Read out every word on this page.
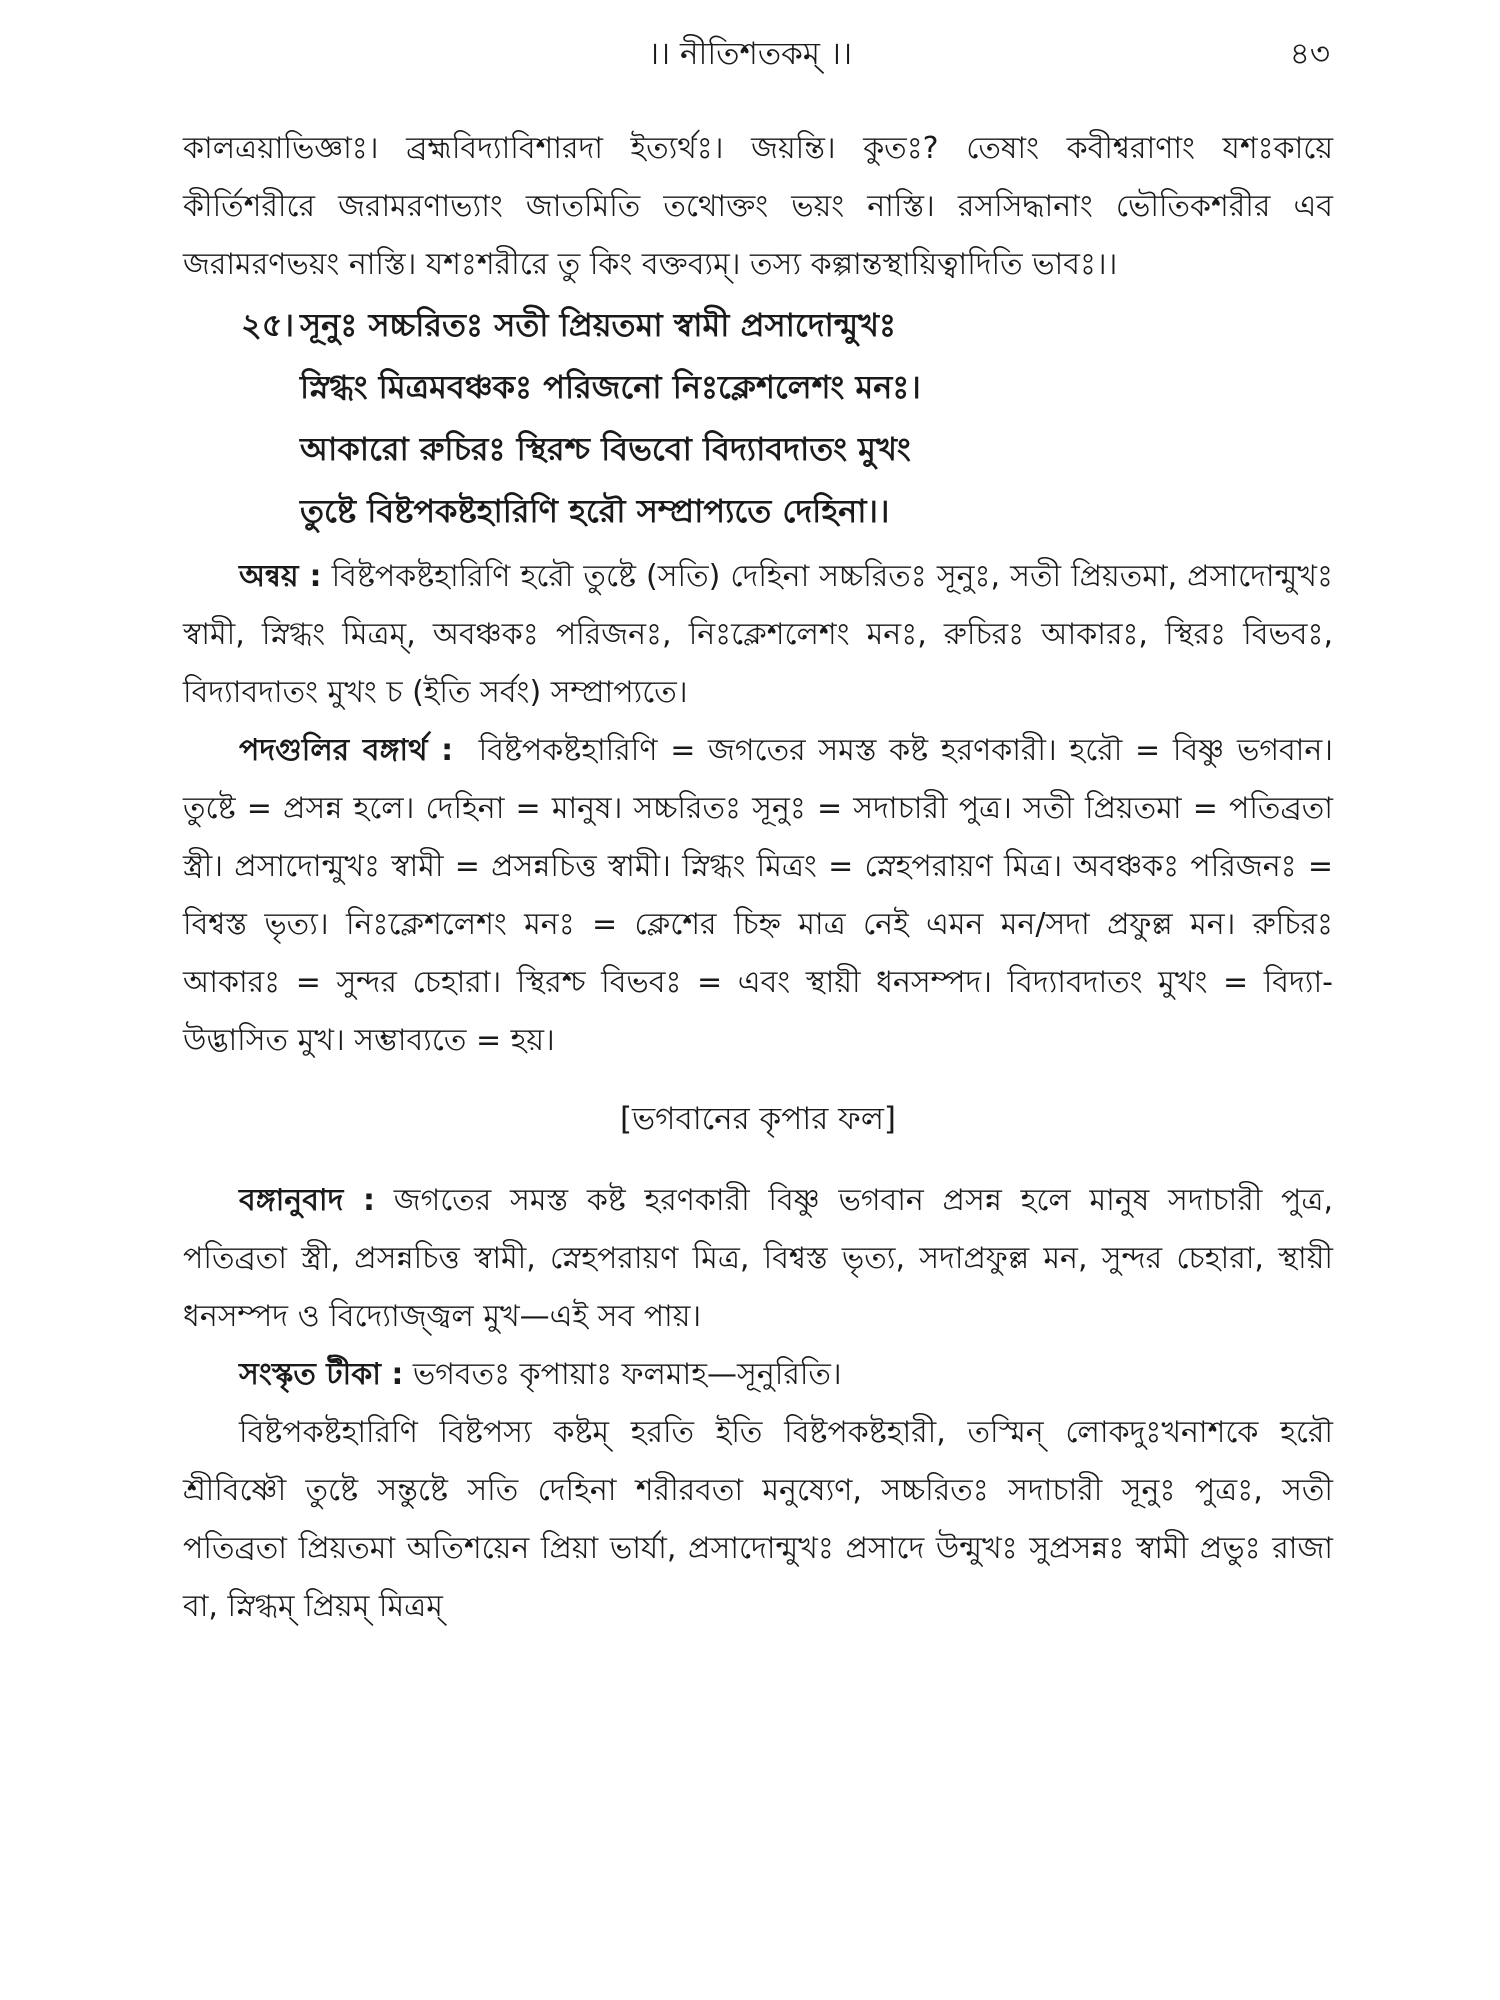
।। নীতিশতকম্ ।।	৪৩

কালত্রয়াভিজ্ঞাঃ। ব্রহ্মবিদ্যাবিশারদা ইত্যর্থঃ। জয়ন্তি। কুতঃ? তেষাং কবীশ্বরাণাং যশঃকায়ে কীর্তিশরীরে জরামরণাভ্যাং জাতমিতি তথোক্তং ভয়ং নাস্তি। রসসিদ্ধানাং ভৌতিকশরীর এব জরামরণভয়ং নাস্তি। যশঃশরীরে তু কিং বক্তব্যম্। তস্য কল্পান্তস্থায়িত্বাদিতি ভাবঃ।।

২৫। সূনুঃ সচ্চরিতঃ সতী প্রিয়তমা স্বামী প্রসাদোন্মুখঃ
স্নিগ্ধং মিত্রমবঞ্চকঃ পরিজনো নিঃক্লেশলেশং মনঃ।
আকারো রুচিরঃ স্থিরশ্চ বিভবো বিদ্যাবদাতং মুখং
তুষ্টে বিষ্টপকষ্টহারিণি হরৌ সম্প্রাপ্যতে দেহিনা।।

অন্বয় : বিষ্টপকষ্টহারিণি হরৌ তুষ্টে (সতি) দেহিনা সচ্চরিতঃ সূনুঃ, সতী প্রিয়তমা, প্রসাদোন্মুখঃ স্বামী, স্নিগ্ধং মিত্রম্, অবঞ্চকঃ পরিজনঃ, নিঃক্লেশলেশং মনঃ, রুচিরঃ আকারঃ, স্থিরঃ বিভবঃ, বিদ্যাবদাতং মুখং চ (ইতি সর্বং) সম্প্রাপ্যতে।

পদগুলির বঙ্গার্থ : বিষ্টপকষ্টহারিণি = জগতের সমস্ত কষ্ট হরণকারী। হরৌ = বিষ্ণু ভগবান। তুষ্টে = প্রসন্ন হলে। দেহিনা = মানুষ। সচ্চরিতঃ সূনুঃ = সদাচারী পুত্র। সতী প্রিয়তমা = পতিব্রতা স্ত্রী। প্রসাদোন্মুখঃ স্বামী = প্রসন্নচিত্ত স্বামী। স্নিগ্ধং মিত্রং = স্নেহপরায়ণ মিত্র। অবঞ্চকঃ পরিজনঃ = বিশ্বস্ত ভৃত্য। নিঃক্লেশলেশং মনঃ = ক্লেশের চিহ্ন মাত্র নেই এমন মন/সদা প্রফুল্ল মন। রুচিরঃ আকারঃ = সুন্দর চেহারা। স্থিরশ্চ বিভবঃ = এবং স্থায়ী ধনসম্পদ। বিদ্যাবদাতং মুখং = বিদ্যা-উদ্ভাসিত মুখ। সম্ভাব্যতে = হয়।

[ভগবানের কৃপার ফল]

বঙ্গানুবাদ : জগতের সমস্ত কষ্ট হরণকারী বিষ্ণু ভগবান প্রসন্ন হলে মানুষ সদাচারী পুত্র, পতিব্রতা স্ত্রী, প্রসন্নচিত্ত স্বামী, স্নেহপরায়ণ মিত্র, বিশ্বস্ত ভৃত্য, সদাপ্রফুল্ল মন, সুন্দর চেহারা, স্থায়ী ধনসম্পদ ও বিদ্যোজ্জ্বল মুখ—এই সব পায়।

সংস্কৃত টীকা : ভগবতঃ কৃপায়াঃ ফলমাহ—সূনুরিতি।

বিষ্টপকষ্টহারিণি বিষ্টপস্য কষ্টম্ হরতি ইতি বিষ্টপকষ্টহারী, তস্মিন্ লোকদুঃখনাশকে হরৌ শ্রীবিষ্ণৌ তুষ্টে সন্তুষ্টে সতি দেহিনা শরীরবতা মনুষ্যেণ, সচ্চরিতঃ সদাচারী সূনুঃ পুত্রঃ, সতী পতিব্রতা প্রিয়তমা অতিশয়েন প্রিয়া ভার্যা, প্রসাদোন্মুখঃ প্রসাদে উন্মুখঃ সুপ্রসন্নঃ স্বামী প্রভুঃ রাজা বা, স্নিগ্ধম্ প্রিয়ম্ মিত্রম্
